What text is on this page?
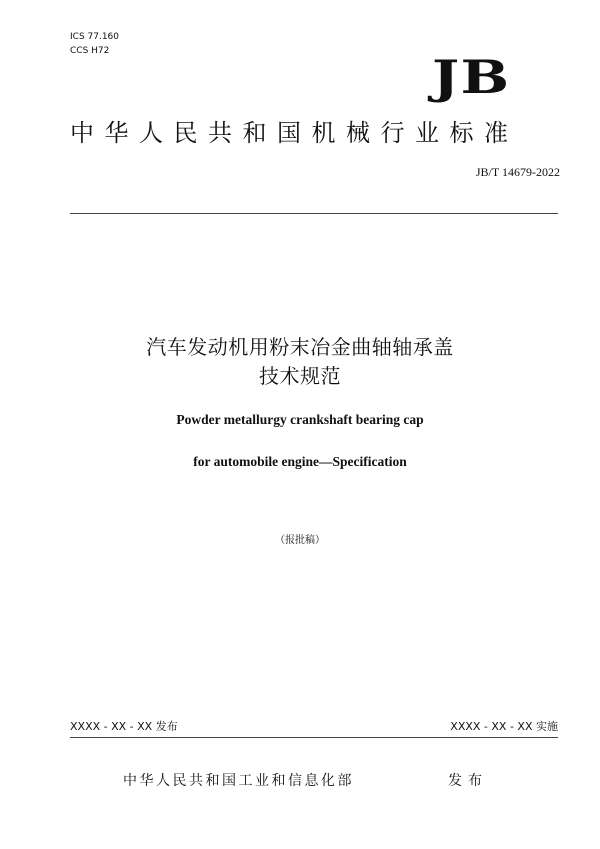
ICS 77.160
CCS H72	JB
中华人民共和国机械行业标准
JB/T 14679-2022
汽车发动机用粉末冶金曲轴轴承盖
技术规范
Powder metallurgy crankshaft bearing cap
for automobile engine—Specification
（报批稿）
XXXX - XX - XX 发布	XXXX - XX - XX 实施
中华人民共和国工业和信息化部	发布
